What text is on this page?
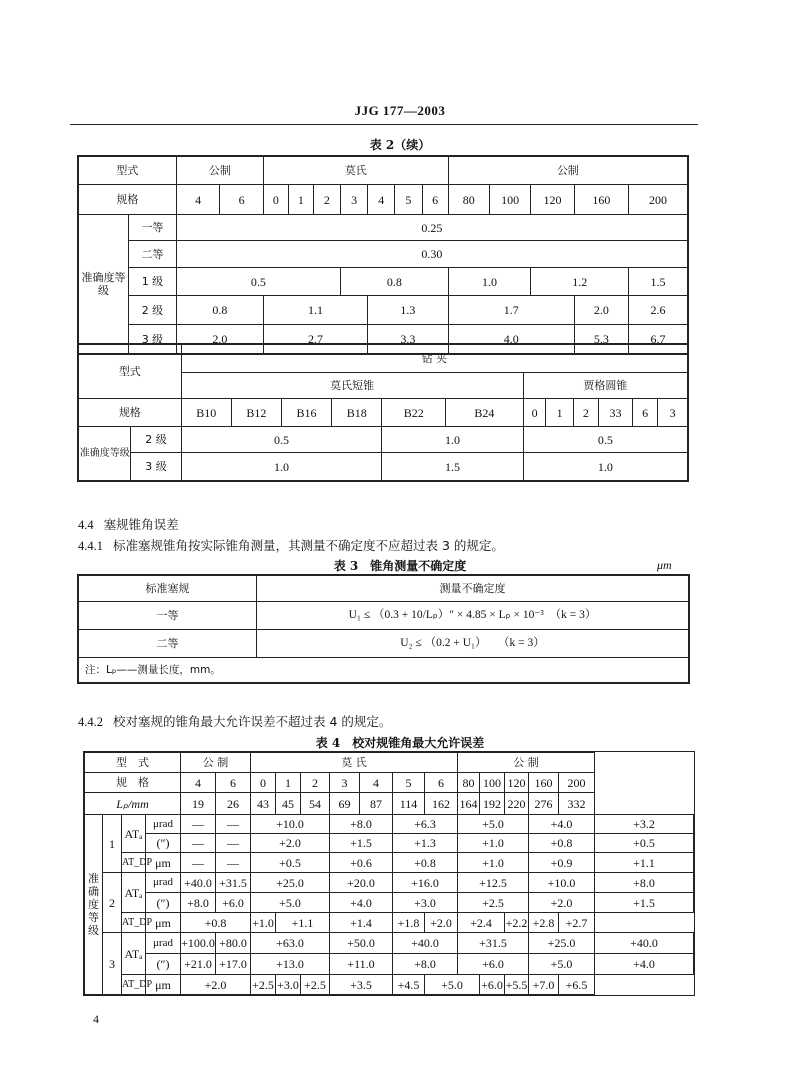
JJG 177—2003
表 2（续）
型式		公制		莫氏							公制				
规格		4	6	0	1	2	3	4	5	6	80	100	120	160	200
准确度等级	一等	0.25													
	二等	0.30													
	1 级	0.5					0.8				1.0		1.2		1.5
	2 级	0.8		1.1				1.3			1.7			2.0	2.6
	3 级	2.0		2.7				3.3			4.0			5.3	6.7
型式		钻 夹											
		莫氏短锥						贾格圆锥					
规格		B10	B12	B16	B18	B22	B24	0	1	2	33	6	3
准确度等级	2 级	0.5				1.0		0.5					
	3 级	1.0				1.5		1.0					
4.4 塞规锥角误差
4.4.1 标准塞规锥角按实际锥角测量，其测量不确定度不应超过表 3 的规定。
表 3　锥角测量不确定度	μm
标准塞规	测量不确定度
一等	U₁ ≤ （0.3 + 10/Lₚ）″ × 4.85 × Lₚ × 10⁻³　（k = 3）
二等	U₂ ≤ （0.2 + U₁）　　（k = 3）
注：Lₚ——测量长度，mm。	
4.4.2 校对塞规的锥角最大允许误差不超过表 4 的规定。
表 4　校对规锥角最大允许误差
型　式				公 制		莫 氏							公 制					
规　格				4	6	0	1	2	3	4	5	6	80	100	120	160	200	
Lₚ/mm				19	26	43	45	54	69	87	114	162	164	192	220	276	332	
准确度等级	1	ATₐ	μrad	—	—	+10.0			+8.0		+6.3		+5.0			+4.0		+3.2
			(″)	—	—	+2.0			+1.5		+1.3		+1.0			+0.8		+0.5
		AT_DP	μm	—	—	+0.5			+0.6		+0.8		+1.0			+0.9		+1.1
	2	ATₐ	μrad	+40.0	+31.5	+25.0			+20.0		+16.0		+12.5			+10.0		+8.0
			(″)	+8.0	+6.0	+5.0			+4.0		+3.0		+2.5			+2.0		+1.5
		AT_DP	μm	+0.8		+1.0	+1.1		+1.4		+1.8	+2.0	+2.4		+2.2	+2.8	+2.7	
	3	ATₐ	μrad	+100.0	+80.0	+63.0			+50.0		+40.0		+31.5			+25.0		+40.0
			(″)	+21.0	+17.0	+13.0			+11.0		+8.0		+6.0			+5.0		+4.0
		AT_DP	μm	+2.0		+2.5	+3.0	+2.5	+3.5		+4.5	+5.0		+6.0	+5.5	+7.0	+6.5	
4
